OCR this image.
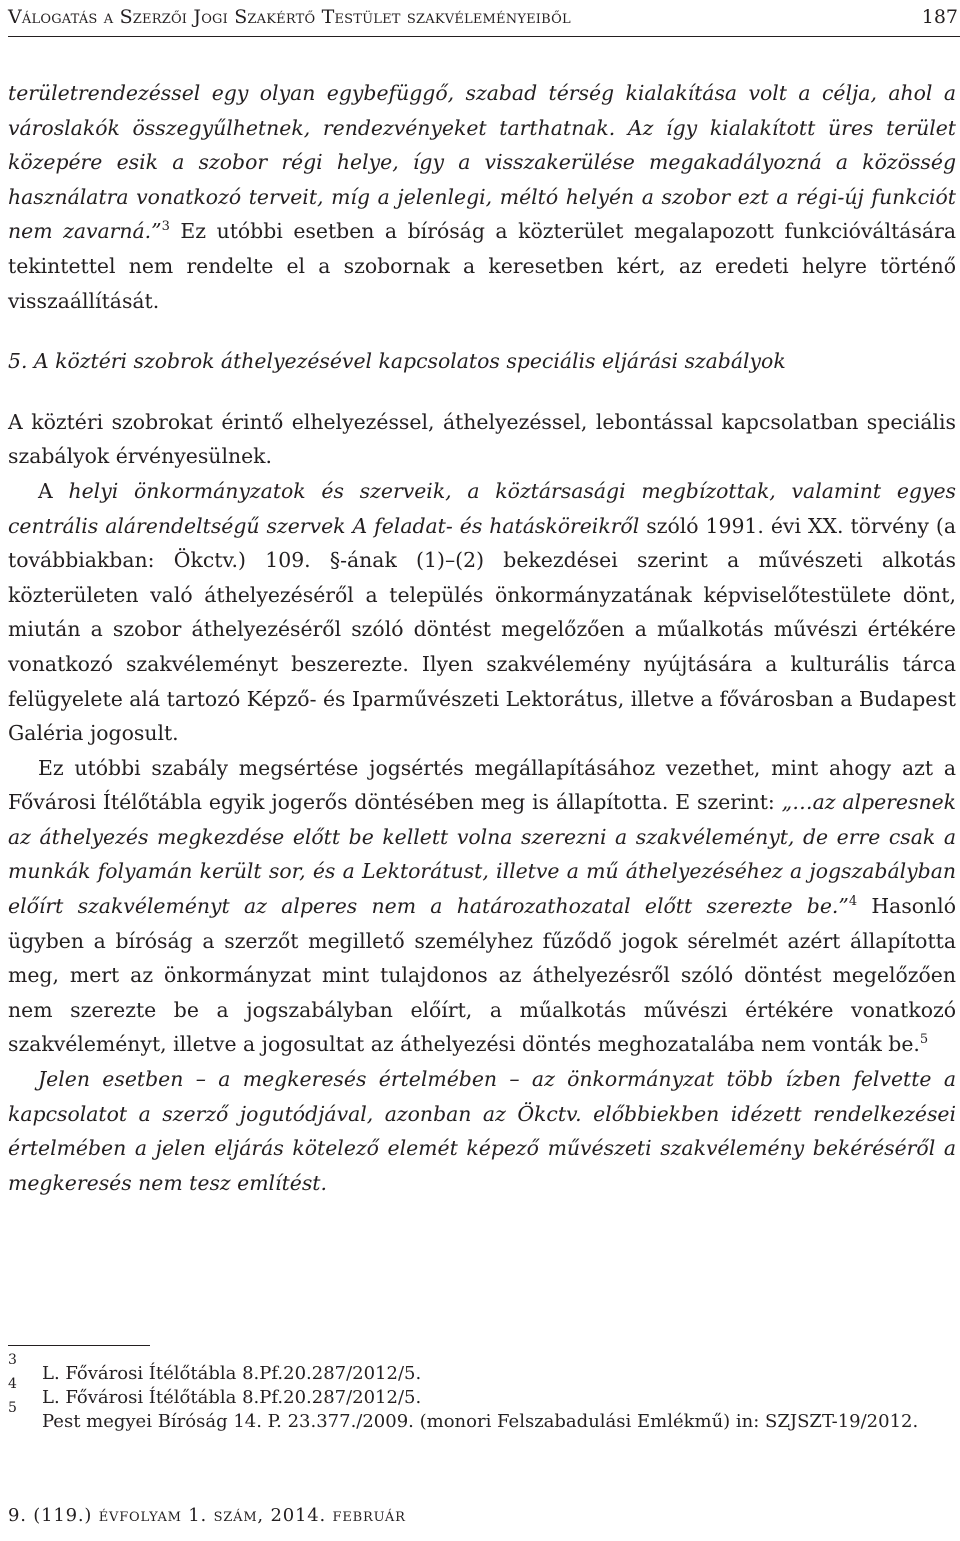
Válogatás a Szerzői Jogi Szakértő Testület szakvéleményeiből	187

területrendezéssel egy olyan egybefüggő, szabad térség kialakítása volt a célja, ahol a városlakók összegyűlhetnek, rendezvényeket tarthatnak. Az így kialakított üres terület közepére esik a szobor régi helye, így a visszakerülése megakadályozná a közösség használatra vonatkozó terveit, míg a jelenlegi, méltó helyén a szobor ezt a régi-új funkciót nem zavarná.”$^3$ Ez utóbbi esetben a bíróság a közterület megalapozott funkcióváltására tekintettel nem rendelte el a szobornak a keresetben kért, az eredeti helyre történő visszaállítását.

5. A köztéri szobrok áthelyezésével kapcsolatos speciális eljárási szabályok

A köztéri szobrokat érintő elhelyezéssel, áthelyezéssel, lebontással kapcsolatban speciális szabályok érvényesülnek.

A helyi önkormányzatok és szerveik, a köztársasági megbízottak, valamint egyes centrális alárendeltségű szervek A feladat- és hatásköreikről szóló 1991. évi XX. törvény (a továbbiakban: Ökctv.) 109. §-ának (1)–(2) bekezdései szerint a művészeti alkotás közterületen való áthelyezéséről a település önkormányzatának képviselőtestülete dönt, miután a szobor áthelyezéséről szóló döntést megelőzően a műalkotás művészi értékére vonatkozó szakvéleményt beszerezte. Ilyen szakvélemény nyújtására a kulturális tárca felügyelete alá tartozó Képző- és Iparművészeti Lektorátus, illetve a fővárosban a Budapest Galéria jogosult.

Ez utóbbi szabály megsértése jogsértés megállapításához vezethet, mint ahogy azt a Fővárosi Ítélőtábla egyik jogerős döntésében meg is állapította. E szerint: „…az alperesnek az áthelyezés megkezdése előtt be kellett volna szerezni a szakvéleményt, de erre csak a munkák folyamán került sor, és a Lektorátust, illetve a mű áthelyezéséhez a jogszabályban előírt szakvéleményt az alperes nem a határozathozatal előtt szerezte be.”$^4$ Hasonló ügyben a bíróság a szerzőt megillető személyhez fűződő jogok sérelmét azért állapította meg, mert az önkormányzat mint tulajdonos az áthelyezésről szóló döntést megelőzően nem szerezte be a jogszabályban előírt, a műalkotás művészi értékére vonatkozó szakvéleményt, illetve a jogosultat az áthelyezési döntés meghozatalába nem vonták be.$^5$

Jelen esetben – a megkeresés értelmében – az önkormányzat több ízben felvette a kapcsolatot a szerző jogutódjával, azonban az Ökctv. előbbiekben idézett rendelkezései értelmében a jelen eljárás kötelező elemét képező művészeti szakvélemény bekéréséről a megkeresés nem tesz említést.

3
L. Fővárosi Ítélőtábla 8.Pf.20.287/2012/5.
4
L. Fővárosi Ítélőtábla 8.Pf.20.287/2012/5.
5
Pest megyei Bíróság 14. P. 23.377./2009. (monori Felszabadulási Emlékmű) in: SZJSZT-19/2012.
9. (119.) évfolyam 1. szám, 2014. február
